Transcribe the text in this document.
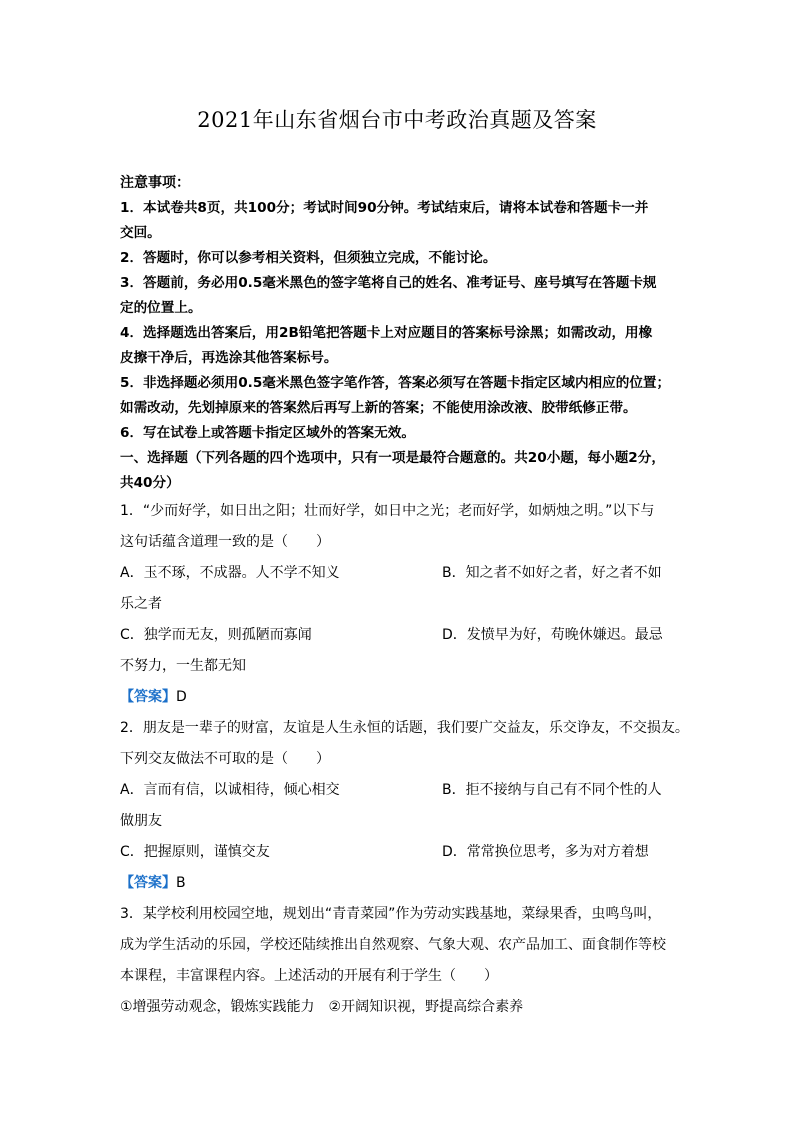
2021年山东省烟台市中考政治真题及答案
注意事项：
1．本试卷共8页，共100分；考试时间90分钟。考试结束后，请将本试卷和答题卡一并
交回。
2．答题时，你可以参考相关资料，但须独立完成，不能讨论。
3．答题前，务必用0.5毫米黑色的签字笔将自己的姓名、准考证号、座号填写在答题卡规
定的位置上。
4．选择题选出答案后，用2B铅笔把答题卡上对应题目的答案标号涂黑；如需改动，用橡
皮擦干净后，再选涂其他答案标号。
5．非选择题必须用0.5毫米黑色签字笔作答，答案必须写在答题卡指定区域内相应的位置；
如需改动，先划掉原来的答案然后再写上新的答案；不能使用涂改液、胶带纸修正带。
6．写在试卷上或答题卡指定区域外的答案无效。
一、选择题（下列各题的四个选项中，只有一项是最符合题意的。共20小题，每小题2分，
共40分）
1．“少而好学，如日出之阳；壮而好学，如日中之光；老而好学，如炳烛之明。”以下与
这句话蕴含道理一致的是（　　）
A．玉不琢，不成器。人不学不知义	B．知之者不如好之者，好之者不如
乐之者
C．独学而无友，则孤陋而寡闻	D．发愤早为好，苟晚休嫌迟。最忌
不努力，一生都无知
【答案】D
2．朋友是一辈子的财富，友谊是人生永恒的话题，我们要广交益友，乐交诤友，不交损友。
下列交友做法不可取的是（　　）
A．言而有信，以诚相待，倾心相交	B．拒不接纳与自己有不同个性的人
做朋友
C．把握原则，谨慎交友	D．常常换位思考，多为对方着想
【答案】B
3．某学校利用校园空地，规划出“青青菜园”作为劳动实践基地，菜绿果香，虫鸣鸟叫，
成为学生活动的乐园，学校还陆续推出自然观察、气象大观、农产品加工、面食制作等校
本课程，丰富课程内容。上述活动的开展有利于学生（　　）
①增强劳动观念，锻炼实践能力　②开阔知识视，野提高综合素养
